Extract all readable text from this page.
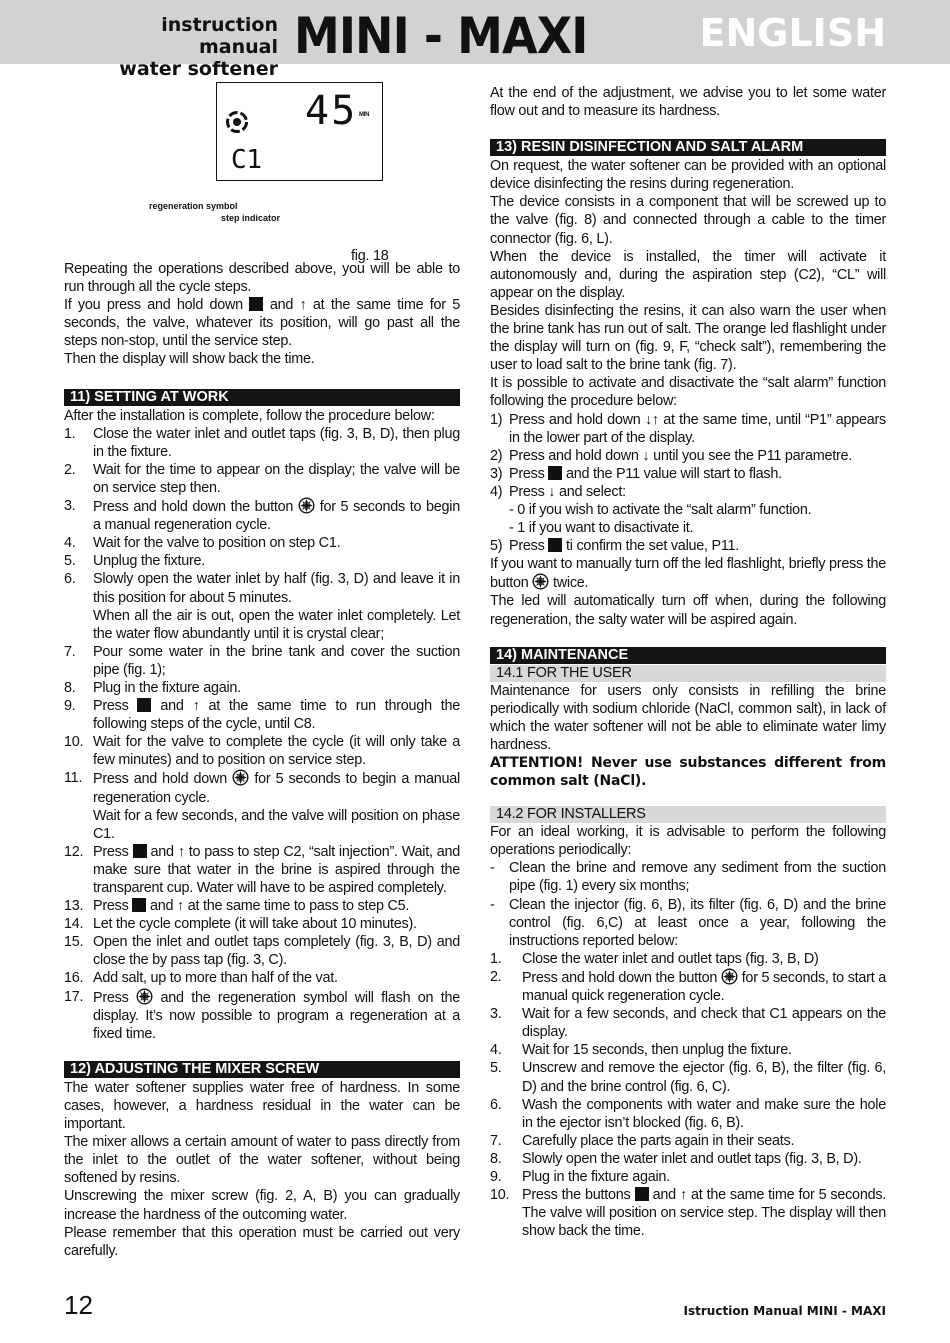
instruction manual
water softener
MINI - MAXI	ENGLISH
45 MIN
C1
regeneration symbol
step indicator
fig. 18

Repeating the operations described above, you will be able to run through all the cycle steps.

If you press and hold down and ↑ at the same time for 5 seconds, the valve, whatever its position, will go past all the steps non-stop, until the service step.

Then the display will show back the time.

11) SETTING AT WORK

After the installation is complete, follow the procedure below:

1. Close the water inlet and outlet taps (fig. 3, B, D), then plug in the fixture.
2. Wait for the time to appear on the display; the valve will be on service step then.
3. Press and hold down the button for 5 seconds to begin a manual regeneration cycle.
4. Wait for the valve to position on step C1.
5. Unplug the fixture.
6. Slowly open the water inlet by half (fig. 3, D) and leave it in this position for about 5 minutes.
When all the air is out, open the water inlet completely. Let the water flow abundantly until it is crystal clear;
7. Pour some water in the brine tank and cover the suction pipe (fig. 1);
8. Plug in the fixture again.
9. Press and ↑ at the same time to run through the following steps of the cycle, until C8.
10. Wait for the valve to complete the cycle (it will only take a few minutes) and to position on service step.
11. Press and hold down for 5 seconds to begin a manual regeneration cycle.
Wait for a few seconds, and the valve will position on phase C1.
12. Press and ↑ to pass to step C2, “salt injection”. Wait, and make sure that water in the brine is aspired through the transparent cup. Water will have to be aspired completely.
13. Press and ↑ at the same time to pass to step C5.
14. Let the cycle complete (it will take about 10 minutes).
15. Open the inlet and outlet taps completely (fig. 3, B, D) and close the by pass tap (fig. 3, C).
16. Add salt, up to more than half of the vat.
17. Press and the regeneration symbol will flash on the display. It’s now possible to program a regeneration at a fixed time.
12) ADJUSTING THE MIXER SCREW

The water softener supplies water free of hardness. In some cases, however, a hardness residual in the water can be important.

The mixer allows a certain amount of water to pass directly from the inlet to the outlet of the water softener, without being softened by resins.

Unscrewing the mixer screw (fig. 2, A, B) you can gradually increase the hardness of the outcoming water.

Please remember that this operation must be carried out very carefully.

At the end of the adjustment, we advise you to let some water flow out and to measure its hardness.

13) RESIN DISINFECTION AND SALT ALARM

On request, the water softener can be provided with an optional device disinfecting the resins during regeneration.

The device consists in a component that will be screwed up to the valve (fig. 8) and connected through a cable to the timer connector (fig. 6, L).

When the device is installed, the timer will activate it autonomously and, during the aspiration step (C2), “CL” will appear on the display.

Besides disinfecting the resins, it can also warn the user when the brine tank has run out of salt. The orange led flashlight under the display will turn on (fig. 9, F, “check salt”), remembering the user to load salt to the brine tank (fig. 7).

It is possible to activate and disactivate the “salt alarm” function following the procedure below:

1) Press and hold down ↓↑ at the same time, until “P1” appears in the lower part of the display.
2) Press and hold down ↓ until you see the P11 parametre.
3) Press and the P11 value will start to flash.
4) Press ↓ and select:
- 0 if you wish to activate the “salt alarm” function.
- 1 if you want to disactivate it.
5) Press ti confirm the set value, P11.

If you want to manually turn off the led flashlight, briefly press the button twice.

The led will automatically turn off when, during the following regeneration, the salty water will be aspired again.

14) MAINTENANCE
14.1 FOR THE USER

Maintenance for users only consists in refilling the brine periodically with sodium chloride (NaCl, common salt), in lack of which the water softener will not be able to eliminate water limy hardness.

ATTENTION! Never use substances different from common salt (NaCl).

14.2 FOR INSTALLERS

For an ideal working, it is advisable to perform the following operations periodically:

- Clean the brine and remove any sediment from the suction pipe (fig. 1) every six months;
- Clean the injector (fig. 6, B), its filter (fig. 6, D) and the brine control (fig. 6,C) at least once a year, following the instructions reported below:
1. Close the water inlet and outlet taps (fig. 3, B, D)
2. Press and hold down the button for 5 seconds, to start a manual quick regeneration cycle.
3. Wait for a few seconds, and check that C1 appears on the display.
4. Wait for 15 seconds, then unplug the fixture.
5. Unscrew and remove the ejector (fig. 6, B), the filter (fig. 6, D) and the brine control (fig. 6, C).
6. Wash the components with water and make sure the hole in the ejector isn’t blocked (fig. 6, B).
7. Carefully place the parts again in their seats.
8. Slowly open the water inlet and outlet taps (fig. 3, B, D).
9. Plug in the fixture again.
10. Press the buttons and ↑ at the same time for 5 seconds. The valve will position on service step. The display will then show back the time.
12	Istruction Manual MINI - MAXI
